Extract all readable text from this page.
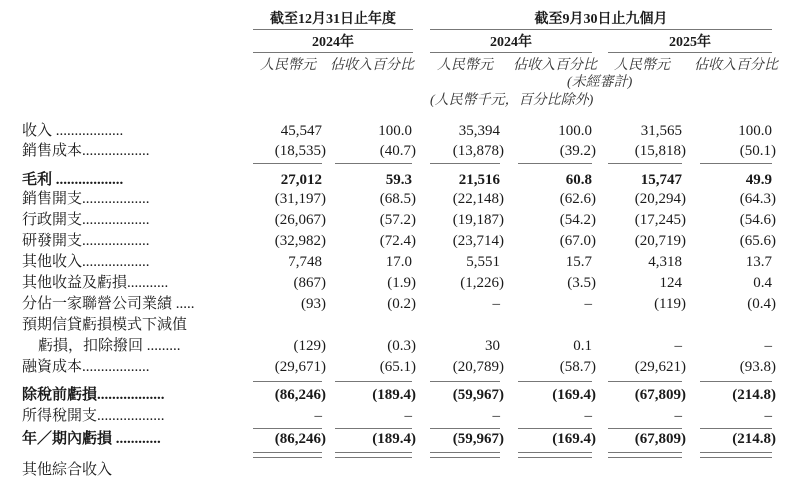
截至12月31日止年度	截至9月30日止九個月
2024年	2024年	2025年
人民幣元 佔收入百分比 人民幣元 佔收入百分比 人民幣元 佔收入百分比
(未經審計)
(人民幣千元，百分比除外)
收入 ..................	45,547	100.0	35,394	100.0	31,565	100.0
銷售成本..................	(18,535)	(40.7)	(13,878)	(39.2)	(15,818)	(50.1)
毛利 ..................	27,012	59.3	21,516	60.8	15,747	49.9
銷售開支..................	(31,197)	(68.5)	(22,148)	(62.6)	(20,294)	(64.3)
行政開支..................	(26,067)	(57.2)	(19,187)	(54.2)	(17,245)	(54.6)
研發開支..................	(32,982)	(72.4)	(23,714)	(67.0)	(20,719)	(65.6)
其他收入..................	7,748	17.0	5,551	15.7	4,318	13.7
其他收益及虧損...........	(867)	(1.9)	(1,226)	(3.5)	124	0.4
分佔一家聯營公司業績 .....	(93)	(0.2)	–	–	(119)	(0.4)
預期信貸虧損模式下減值
虧損，扣除撥回 .........	(129)	(0.3)	30	0.1	–	–
融資成本..................	(29,671)	(65.1)	(20,789)	(58.7)	(29,621)	(93.8)
除稅前虧損..................	(86,246)	(189.4)	(59,967)	(169.4)	(67,809)	(214.8)
所得稅開支..................	–	–	–	–	–	–
年／期內虧損 ............	(86,246)	(189.4)	(59,967)	(169.4)	(67,809)	(214.8)
其他綜合收入
